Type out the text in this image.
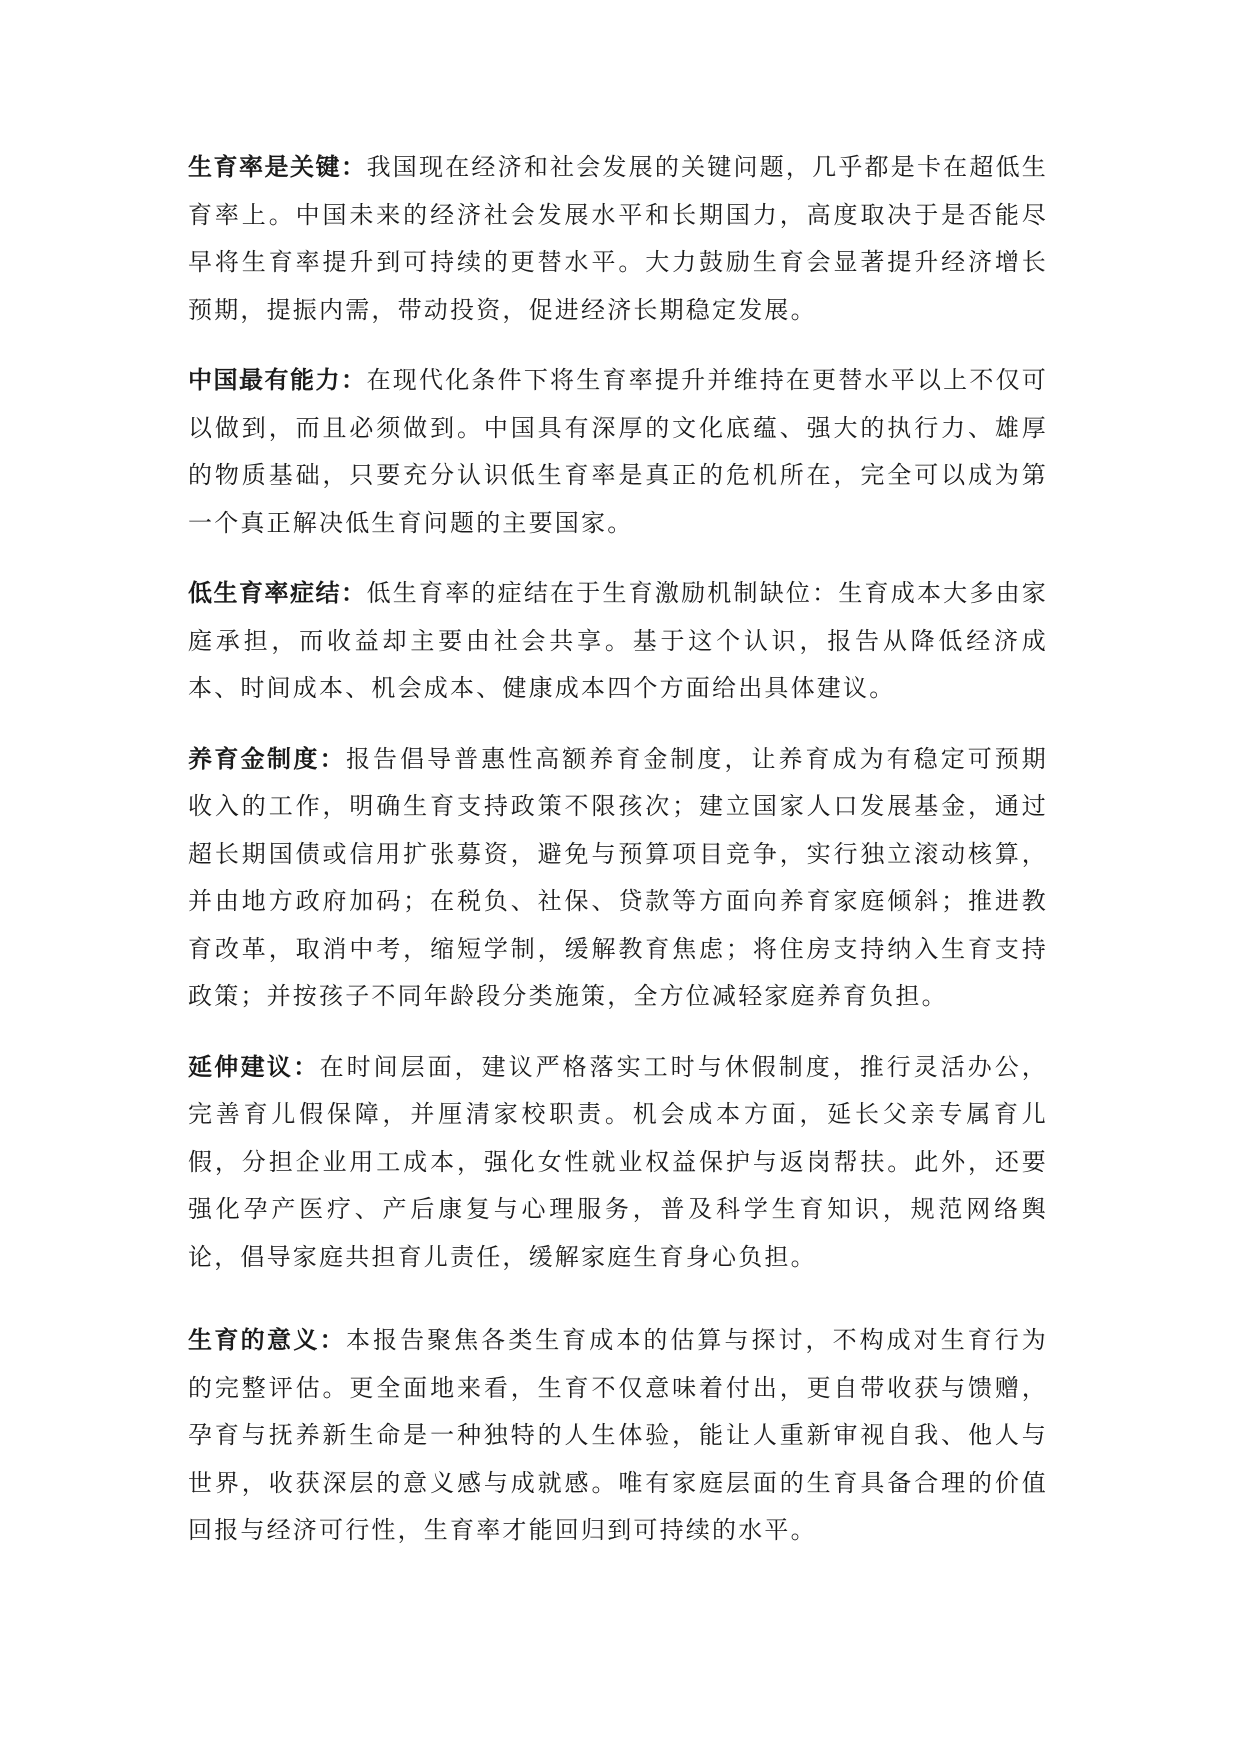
生育率是关键：我国现在经济和社会发展的关键问题，几乎都是卡在超低生育率上。中国未来的经济社会发展水平和长期国力，高度取决于是否能尽早将生育率提升到可持续的更替水平。大力鼓励生育会显著提升经济增长预期，提振内需，带动投资，促进经济长期稳定发展。

中国最有能力：在现代化条件下将生育率提升并维持在更替水平以上不仅可以做到，而且必须做到。中国具有深厚的文化底蕴、强大的执行力、雄厚的物质基础，只要充分认识低生育率是真正的危机所在，完全可以成为第一个真正解决低生育问题的主要国家。

低生育率症结：低生育率的症结在于生育激励机制缺位：生育成本大多由家庭承担，而收益却主要由社会共享。基于这个认识，报告从降低经济成本、时间成本、机会成本、健康成本四个方面给出具体建议。

养育金制度：报告倡导普惠性高额养育金制度，让养育成为有稳定可预期收入的工作，明确生育支持政策不限孩次；建立国家人口发展基金，通过超长期国债或信用扩张募资，避免与预算项目竞争，实行独立滚动核算，并由地方政府加码；在税负、社保、贷款等方面向养育家庭倾斜；推进教育改革，取消中考，缩短学制，缓解教育焦虑；将住房支持纳入生育支持政策；并按孩子不同年龄段分类施策，全方位减轻家庭养育负担。

延伸建议：在时间层面，建议严格落实工时与休假制度，推行灵活办公，完善育儿假保障，并厘清家校职责。机会成本方面，延长父亲专属育儿假，分担企业用工成本，强化女性就业权益保护与返岗帮扶。此外，还要强化孕产医疗、产后康复与心理服务，普及科学生育知识，规范网络舆论，倡导家庭共担育儿责任，缓解家庭生育身心负担。

生育的意义：本报告聚焦各类生育成本的估算与探讨，不构成对生育行为的完整评估。更全面地来看，生育不仅意味着付出，更自带收获与馈赠，孕育与抚养新生命是一种独特的人生体验，能让人重新审视自我、他人与世界，收获深层的意义感与成就感。唯有家庭层面的生育具备合理的价值回报与经济可行性，生育率才能回归到可持续的水平。
